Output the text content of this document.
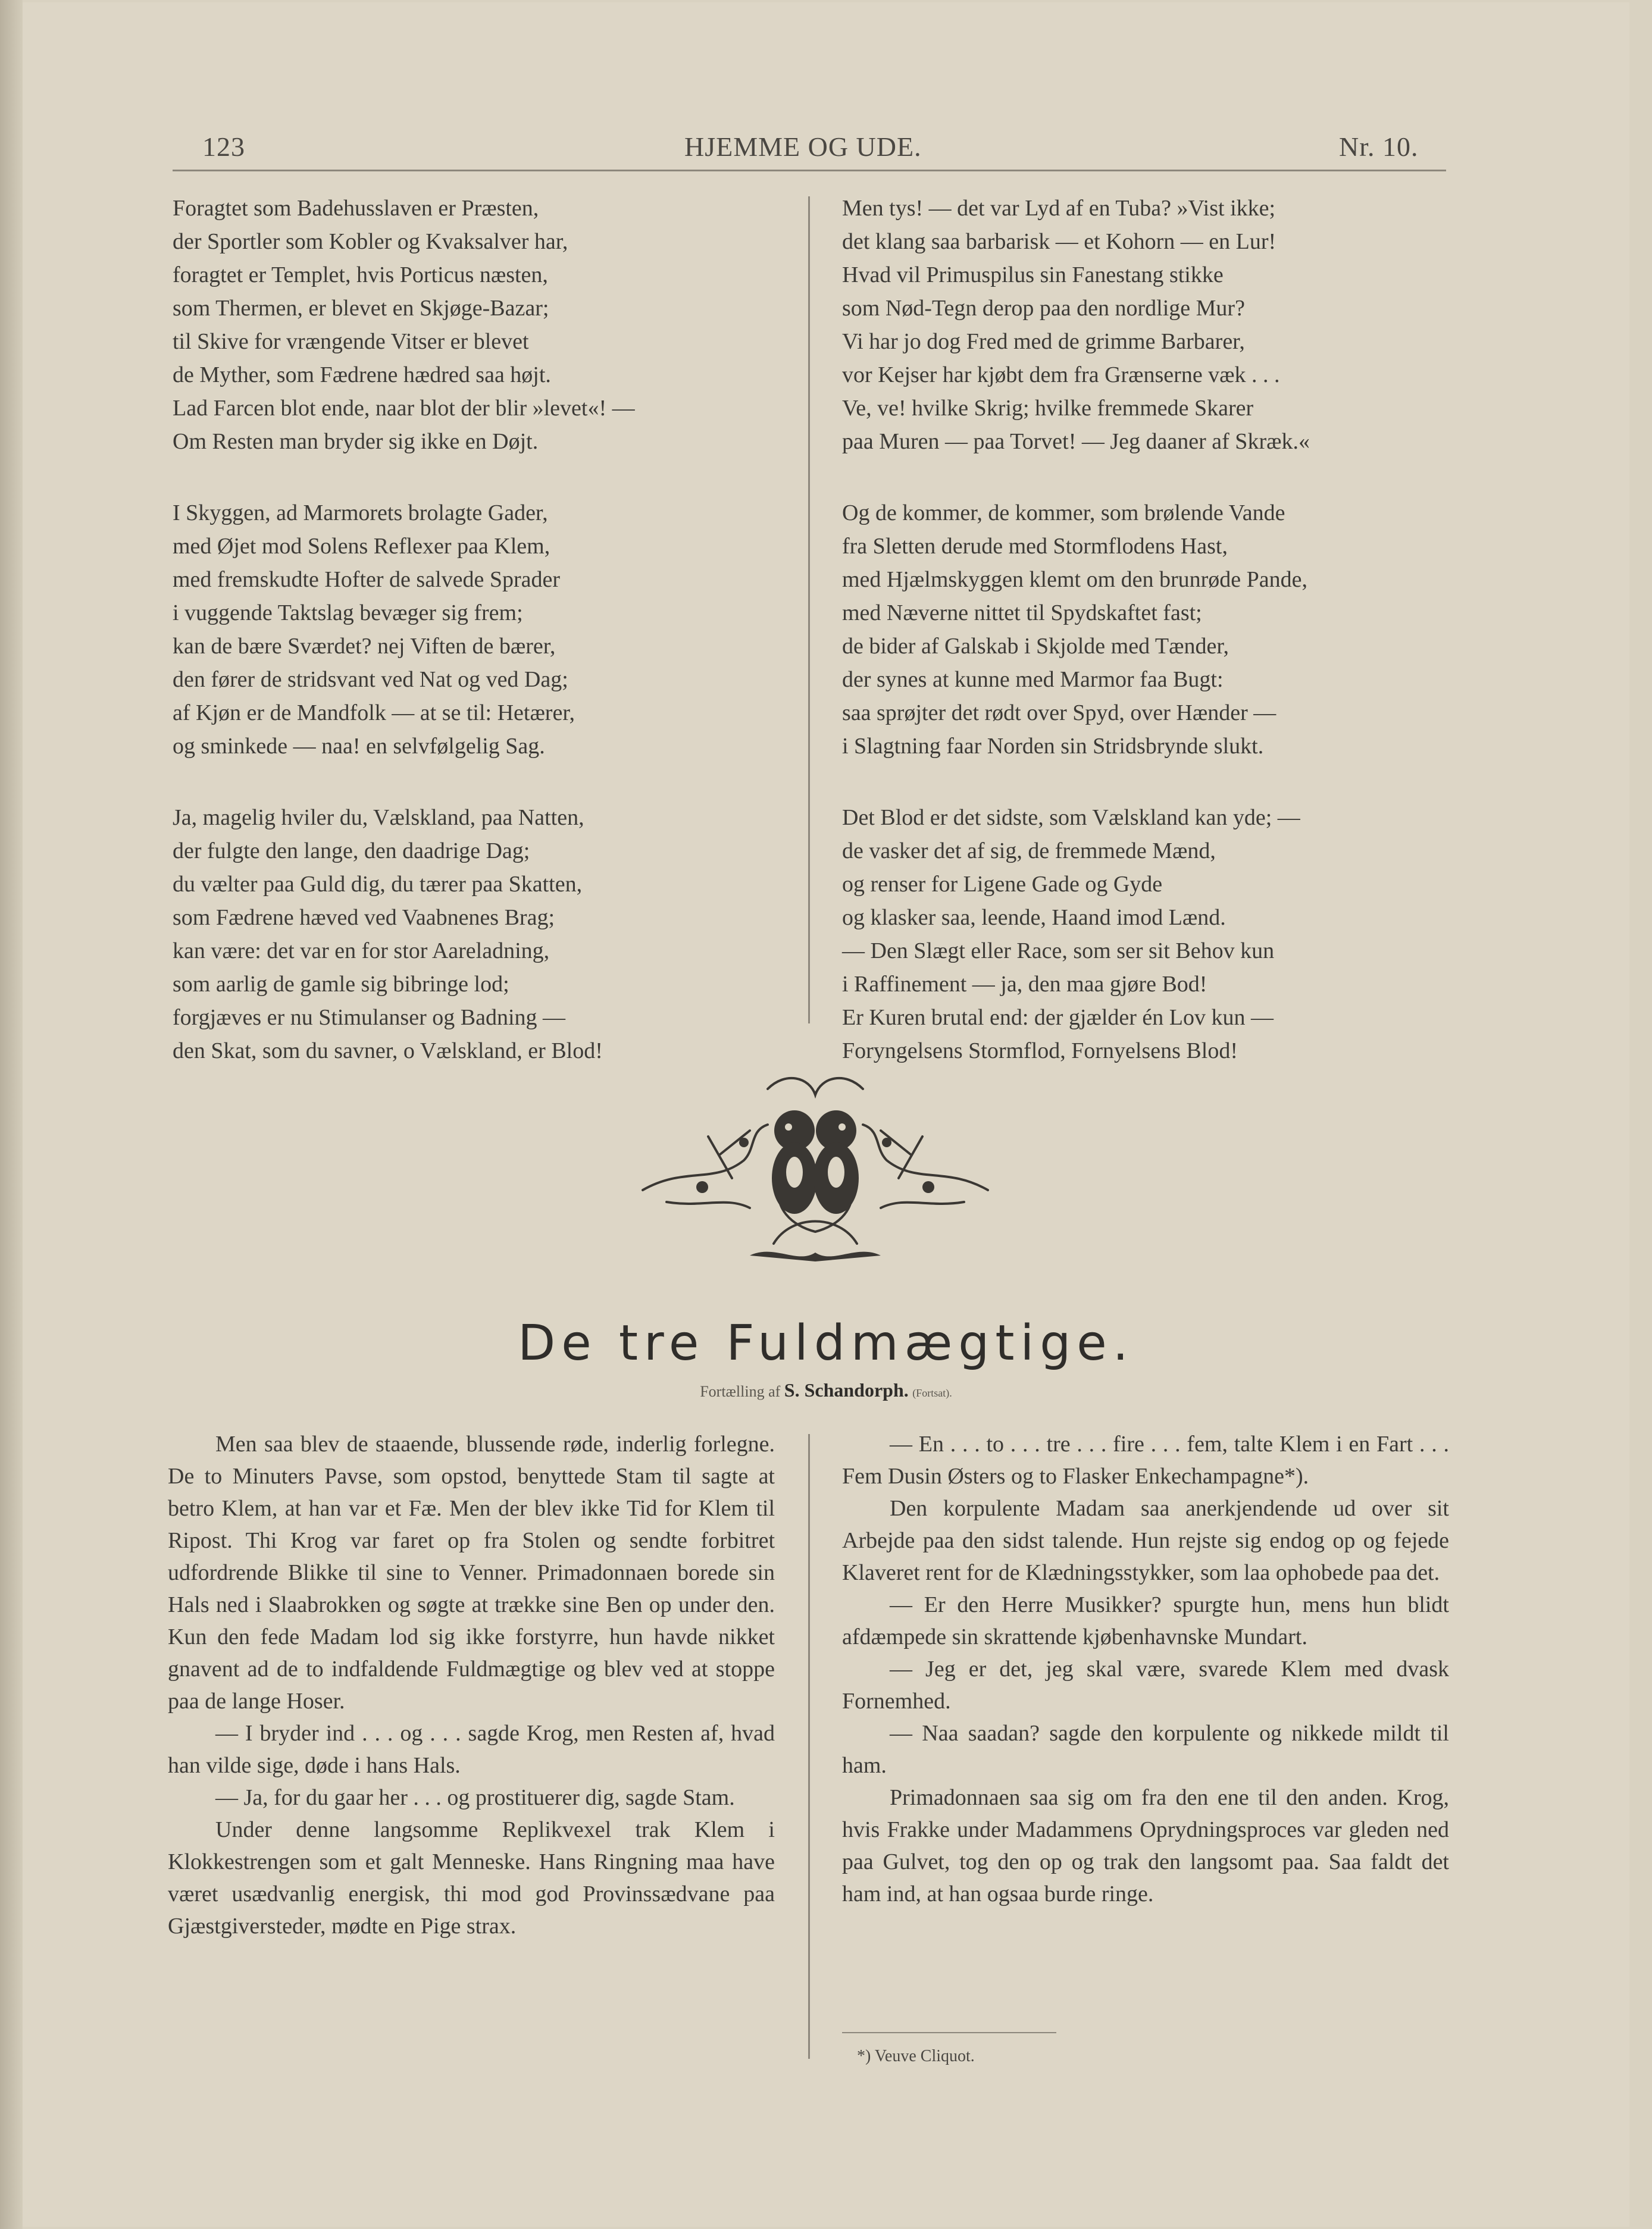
123	HJEMME OG UDE.	Nr. 10.
Foragtet som Badehusslaven er Præsten,
der Sportler som Kobler og Kvaksalver har,
foragtet er Templet, hvis Porticus næsten,
som Thermen, er blevet en Skjøge-Bazar;
til Skive for vrængende Vitser er blevet
de Myther, som Fædrene hædred saa højt.
Lad Farcen blot ende, naar blot der blir »levet«! —
Om Resten man bryder sig ikke en Døjt.
I Skyggen, ad Marmorets brolagte Gader,
med Øjet mod Solens Reflexer paa Klem,
med fremskudte Hofter de salvede Sprader
i vuggende Taktslag bevæger sig frem;
kan de bære Sværdet? nej Viften de bærer,
den fører de stridsvant ved Nat og ved Dag;
af Kjøn er de Mandfolk — at se til: Hetærer,
og sminkede — naa! en selvfølgelig Sag.
Ja, magelig hviler du, Vælskland, paa Natten,
der fulgte den lange, den daadrige Dag;
du vælter paa Guld dig, du tærer paa Skatten,
som Fædrene hæved ved Vaabnenes Brag;
kan være: det var en for stor Aareladning,
som aarlig de gamle sig bibringe lod;
forgjæves er nu Stimulanser og Badning —
den Skat, som du savner, o Vælskland, er Blod!
Men tys! — det var Lyd af en Tuba? »Vist ikke;
det klang saa barbarisk — et Kohorn — en Lur!
Hvad vil Primuspilus sin Fanestang stikke
som Nød-Tegn derop paa den nordlige Mur?
Vi har jo dog Fred med de grimme Barbarer,
vor Kejser har kjøbt dem fra Grænserne væk . . .
Ve, ve! hvilke Skrig; hvilke fremmede Skarer
paa Muren — paa Torvet! — Jeg daaner af Skræk.«
Og de kommer, de kommer, som brølende Vande
fra Sletten derude med Stormflodens Hast,
med Hjælmskyggen klemt om den brunrøde Pande,
med Næverne nittet til Spydskaftet fast;
de bider af Galskab i Skjolde med Tænder,
der synes at kunne med Marmor faa Bugt:
saa sprøjter det rødt over Spyd, over Hænder —
i Slagtning faar Norden sin Stridsbrynde slukt.
Det Blod er det sidste, som Vælskland kan yde; —
de vasker det af sig, de fremmede Mænd,
og renser for Ligene Gade og Gyde
og klasker saa, leende, Haand imod Lænd.
— Den Slægt eller Race, som ser sit Behov kun
i Raffinement — ja, den maa gjøre Bod!
Er Kuren brutal end: der gjælder én Lov kun —
Foryngelsens Stormflod, Fornyelsens Blod!
De tre Fuldmægtige.
Fortælling af S. Schandorph. (Fortsat).

Men saa blev de staaende, blussende røde, inderlig forlegne. De to Minuters Pavse, som opstod, benyttede Stam til sagte at betro Klem, at han var et Fæ. Men der blev ikke Tid for Klem til Ripost. Thi Krog var faret op fra Stolen og sendte forbitret udfordrende Blikke til sine to Venner. Primadonnaen borede sin Hals ned i Slaabrokken og søgte at trække sine Ben op under den. Kun den fede Madam lod sig ikke forstyrre, hun havde nikket gnavent ad de to indfaldende Fuldmægtige og blev ved at stoppe paa de lange Hoser.

— I bryder ind . . . og . . . sagde Krog, men Resten af, hvad han vilde sige, døde i hans Hals.

— Ja, for du gaar her . . . og prostituerer dig, sagde Stam.

Under denne langsomme Replikvexel trak Klem i Klokkestrengen som et galt Menneske. Hans Ringning maa have været usædvanlig energisk, thi mod god Provinssædvane paa Gjæstgiversteder, mødte en Pige strax.

— En . . . to . . . tre . . . fire . . . fem, talte Klem i en Fart . . . Fem Dusin Østers og to Flasker Enkechampagne*).

Den korpulente Madam saa anerkjendende ud over sit Arbejde paa den sidst talende. Hun rejste sig endog op og fejede Klaveret rent for de Klædningsstykker, som laa ophobede paa det.

— Er den Herre Musikker? spurgte hun, mens hun blidt afdæmpede sin skrattende kjøbenhavnske Mundart.

— Jeg er det, jeg skal være, svarede Klem med dvask Fornemhed.

— Naa saadan? sagde den korpulente og nikkede mildt til ham.

Primadonnaen saa sig om fra den ene til den anden. Krog, hvis Frakke under Madammens Oprydningsproces var gleden ned paa Gulvet, tog den op og trak den langsomt paa. Saa faldt det ham ind, at han ogsaa burde ringe.

*) Veuve Cliquot.
